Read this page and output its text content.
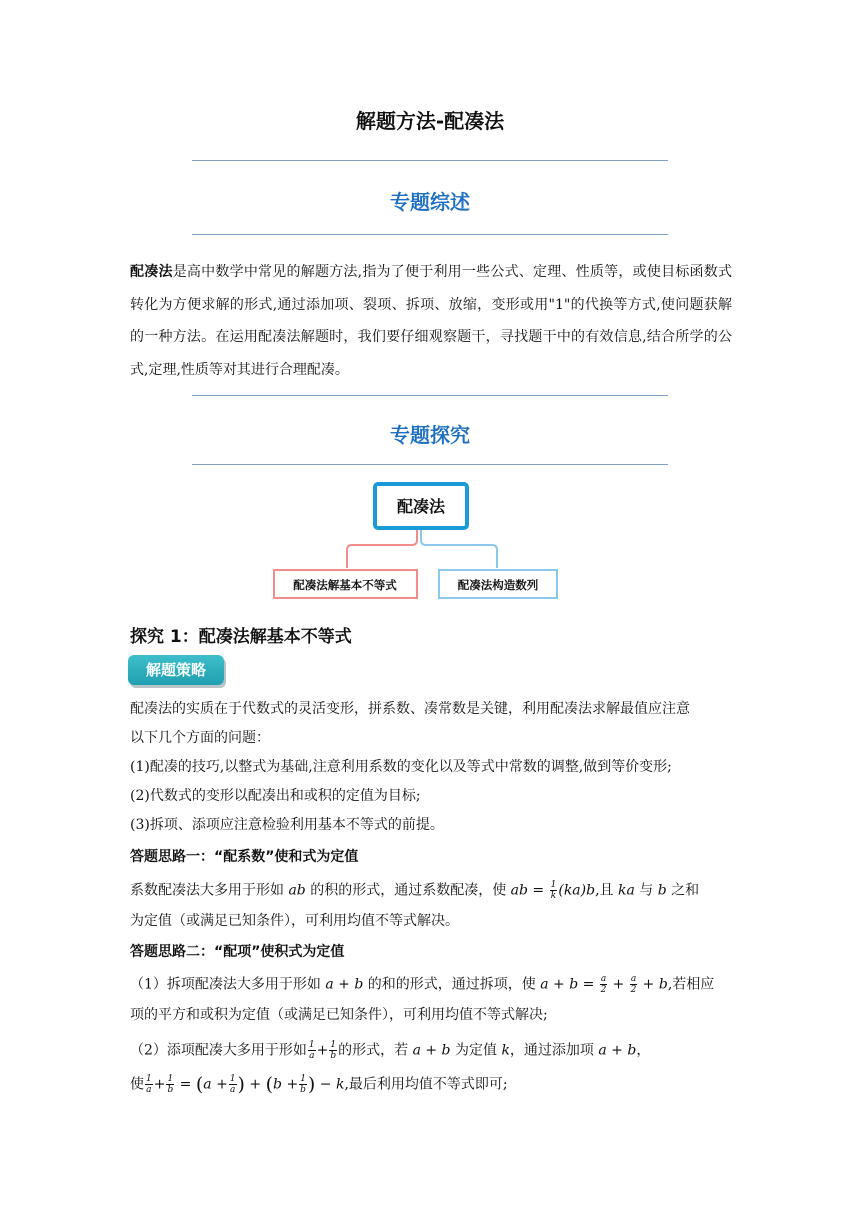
解题方法-配凑法
专题综述
配凑法是高中数学中常见的解题方法,指为了便于利用一些公式、定理、性质等，或使目标函数式转化为方便求解的形式,通过添加项、裂项、拆项、放缩，变形或用"1"的代换等方式,使问题获解的一种方法。在运用配凑法解题时，我们要仔细观察题干，寻找题干中的有效信息,结合所学的公式,定理,性质等对其进行合理配凑。
专题探究
配凑法
配凑法解基本不等式	配凑法构造数列
探究 1：配凑法解基本不等式
解题策略
配凑法的实质在于代数式的灵活变形，拼系数、凑常数是关键，利用配凑法求解最值应注意
以下几个方面的问题：
(1)配凑的技巧,以整式为基础,注意利用系数的变化以及等式中常数的调整,做到等价变形;
(2)代数式的变形以配凑出和或积的定值为目标;
(3)拆项、添项应注意检验利用基本不等式的前提。
答题思路一：“配系数”使和式为定值
系数配凑法大多用于形如 ab 的积的形式，通过系数配凑，使 ab = $\frac{1}{k} (ka)b$,且 ka 与 b 之和
为定值（或满足已知条件），可利用均值不等式解决。
答题思路二：“配项”使积式为定值
（1）拆项配凑法大多用于形如 a + b 的和的形式，通过拆项，使 $a + b = \frac{a}{2} + \frac{a}{2} + b$,若相应
项的平方和或积为定值（或满足已知条件），可利用均值不等式解决;
（2）添项配凑大多用于形如 $\frac{1}{a} + \frac{1}{b}$ 的形式，若 a + b 为定值 k，通过添加项 a + b，
使 $\frac{1}{a} + \frac{1}{b} = (a + \frac{1}{a}$ ) + ($b + \frac{1}{b}$ ) − k,最后利用均值不等式即可;
